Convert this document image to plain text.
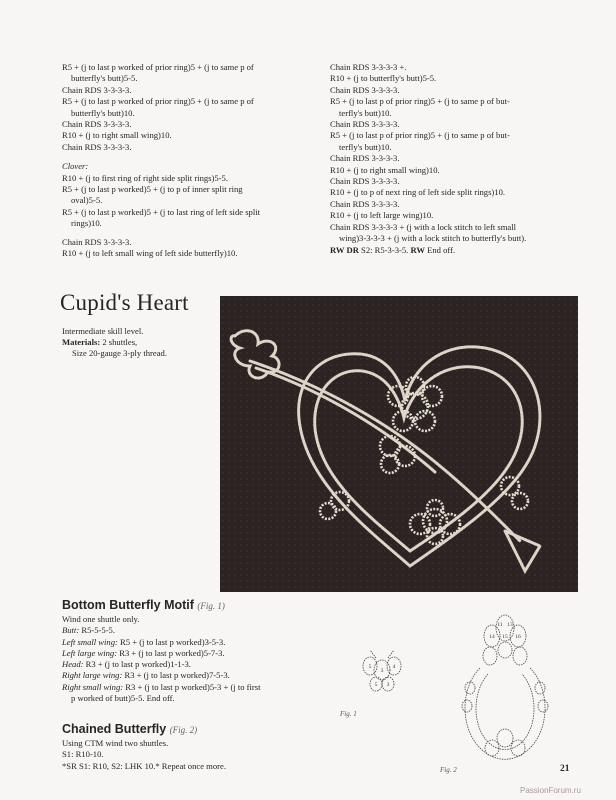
R5 + (j to last p worked of prior ring)5 + (j to same p of
butterfly's butt)5-5.
Chain RDS 3-3-3-3.
R5 + (j to last p worked of prior ring)5 + (j to same p of
butterfly's butt)10.
Chain RDS 3-3-3-3.
R10 + (j to right small wing)10.
Chain RDS 3-3-3-3.
Clover:
R10 + (j to first ring of right side split rings)5-5.
R5 + (j to last p worked)5 + (j to p of inner split ring
oval)5-5.
R5 + (j to last p worked)5 + (j to last ring of left side split
rings)10.
Chain RDS 3-3-3-3.
R10 + (j to left small wing of left side butterfly)10.
Chain RDS 3-3-3-3 +.
R10 + (j to butterfly's butt)5-5.
Chain RDS 3-3-3-3.
R5 + (j to last p of prior ring)5 + (j to same p of but-
terfly's butt)10.
Chain RDS 3-3-3-3.
R5 + (j to last p of prior ring)5 + (j to same p of but-
terfly's butt)10.
Chain RDS 3-3-3-3.
R10 + (j to right small wing)10.
Chain RDS 3-3-3-3.
R10 + (j to p of next ring of left side split rings)10.
Chain RDS 3-3-3-3.
R10 + (j to left large wing)10.
Chain RDS 3-3-3-3 + (j with a lock stitch to left small
wing)3-3-3-3 + (j with a lock stitch to butterfly's butt).
RW DR S2: R5-3-3-5. RW End off.
Cupid's Heart
Intermediate skill level.
Materials: 2 shuttles,
Size 20-gauge 3-ply thread.
Bottom Butterfly Motif (Fig. 1)
Wind one shuttle only.
Butt: R5-5-5-5.
Left small wing: R5 + (j to last p worked)3-5-3.
Left large wing: R3 + (j to last p worked)5-7-3.
Head: R3 + (j to last p worked)1-1-3.
Right large wing: R3 + (j to last p worked)7-5-3.
Right small wing: R3 + (j to last p worked)5-3 + (j to first
p worked of butt)5-5. End off.
Chained Butterfly (Fig. 2)
Using CTM wind two shuttles.
S1: R10-10.
*SR S1: R10, S2: LHK 10.* Repeat once more.
11 13
15
14	16
5
3
4
5 3
Fig. 1
Fig. 2	21
PassionForum.ru
